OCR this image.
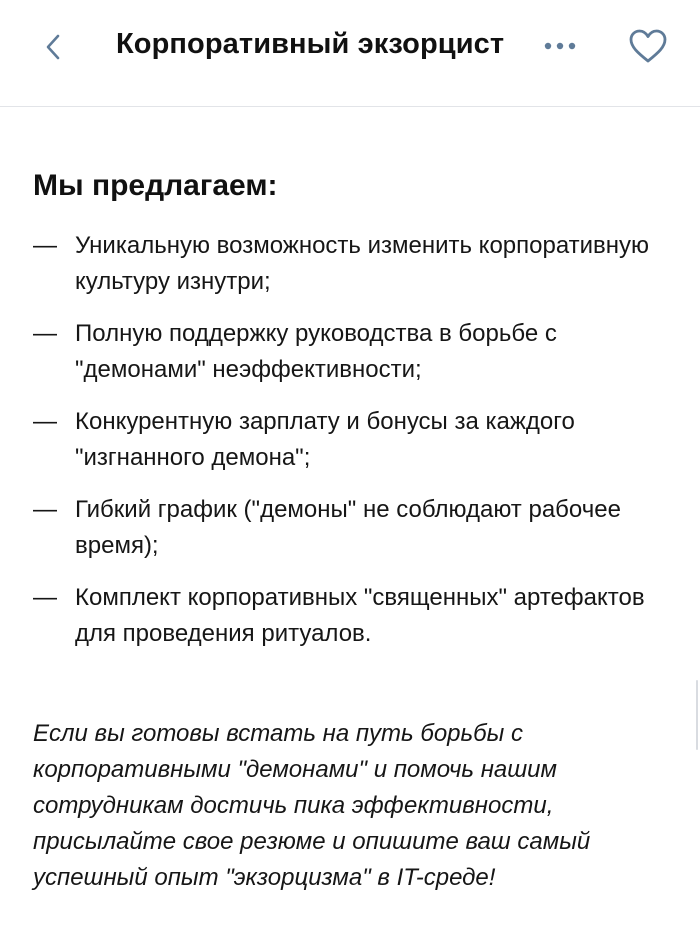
Корпоративный экзорцист
Мы предлагаем:
— Уникальную возможность изменить корпоративную культуру изнутри;
— Полную поддержку руководства в борьбе с "демонами" неэффективности;
— Конкурентную зарплату и бонусы за каждого "изгнанного демона";
— Гибкий график ("демоны" не соблюдают рабочее время);
— Комплект корпоративных "священных" артефактов для проведения ритуалов.

Если вы готовы встать на путь борьбы с корпоративными "демонами" и помочь нашим сотрудникам достичь пика эффективности, присылайте свое резюме и опишите ваш самый успешный опыт "экзорцизма" в IT-среде!
